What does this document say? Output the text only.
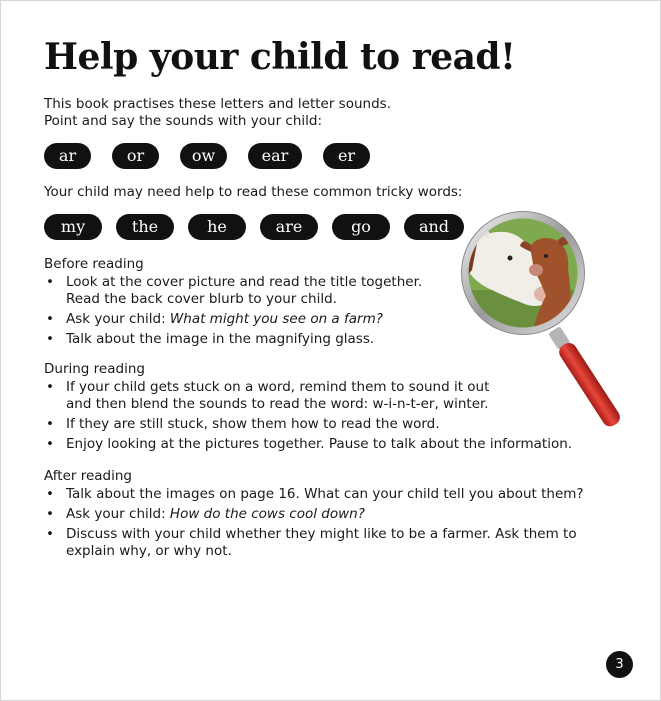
Help your child to read!

This book practises these letters and letter sounds.

Point and say the sounds with your child:

ar	or	ow	ear	er

Your child may need help to read these common tricky words:

my	the	he	are	go	and
Before reading
• Look at the cover picture and read the title together.
Read the back cover blurb to your child.
• Ask your child: What might you see on a farm?
• Talk about the image in the magnifying glass.
During reading
• If your child gets stuck on a word, remind them to sound it out
and then blend the sounds to read the word: w-i-n-t-er, winter.
• If they are still stuck, show them how to read the word.
• Enjoy looking at the pictures together. Pause to talk about the information.
After reading
• Talk about the images on page 16. What can your child tell you about them?
• Ask your child: How do the cows cool down?
• Discuss with your child whether they might like to be a farmer. Ask them to
explain why, or why not.
3
